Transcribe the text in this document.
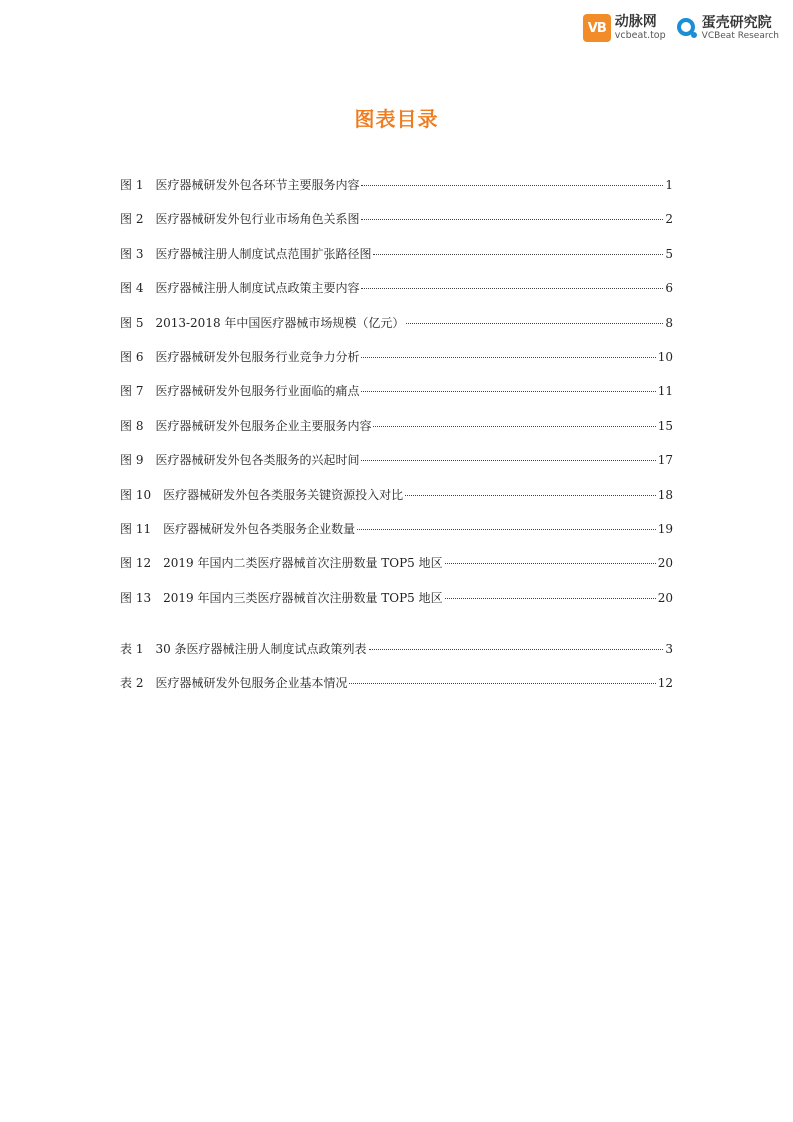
VB 动脉网
vcbeat.top
蛋壳研究院
VCBeat Research
图表目录
图 1 医疗器械研发外包各环节主要服务内容	1
图 2 医疗器械研发外包行业市场角色关系图	2
图 3 医疗器械注册人制度试点范围扩张路径图	5
图 4 医疗器械注册人制度试点政策主要内容	6
图 5 2013-2018 年中国医疗器械市场规模（亿元）	8
图 6 医疗器械研发外包服务行业竞争力分析	10
图 7 医疗器械研发外包服务行业面临的痛点	11
图 8 医疗器械研发外包服务企业主要服务内容	15
图 9 医疗器械研发外包各类服务的兴起时间	17
图 10 医疗器械研发外包各类服务关键资源投入对比	18
图 11 医疗器械研发外包各类服务企业数量	19
图 12 2019 年国内二类医疗器械首次注册数量 TOP5 地区	20
图 13 2019 年国内三类医疗器械首次注册数量 TOP5 地区	20
表 1 30 条医疗器械注册人制度试点政策列表	3
表 2 医疗器械研发外包服务企业基本情况	12
